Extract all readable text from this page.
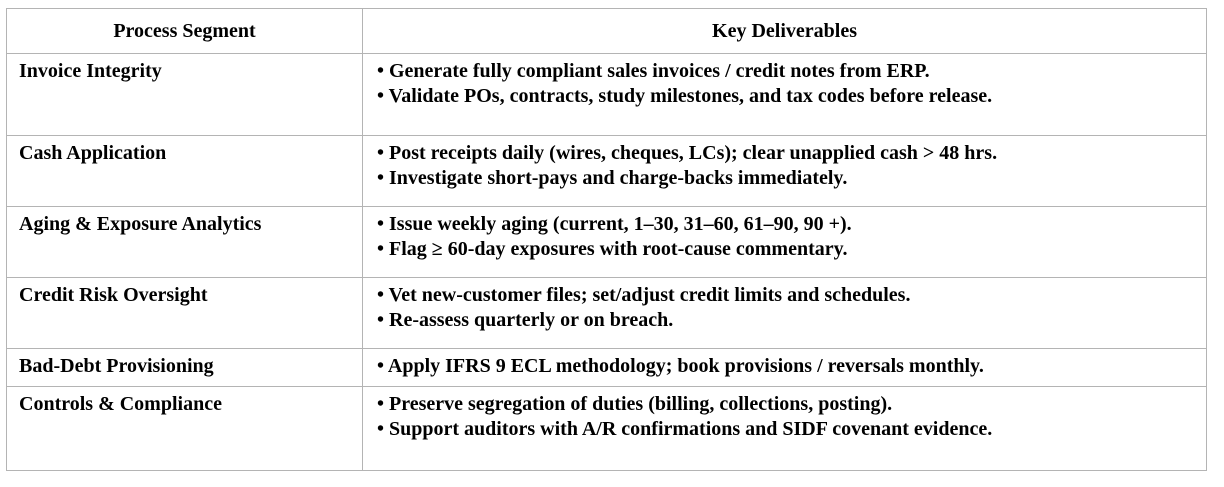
Process Segment	Key Deliverables
Invoice Integrity	• Generate fully compliant sales invoices / credit notes from ERP.
• Validate POs, contracts, study milestones, and tax codes before release.

Cash Application	• Post receipts daily (wires, cheques, LCs); clear unapplied cash > 48 hrs.
• Investigate short-pays and charge-backs immediately.

Aging & Exposure Analytics	• Issue weekly aging (current, 1–30, 31–60, 61–90, 90 +).
• Flag ≥ 60-day exposures with root-cause commentary.

Credit Risk Oversight	• Vet new-customer files; set/adjust credit limits and schedules.
• Re-assess quarterly or on breach.

Bad-Debt Provisioning	• Apply IFRS 9 ECL methodology; book provisions / reversals monthly.

Controls & Compliance	• Preserve segregation of duties (billing, collections, posting).
• Support auditors with A/R confirmations and SIDF covenant evidence.
